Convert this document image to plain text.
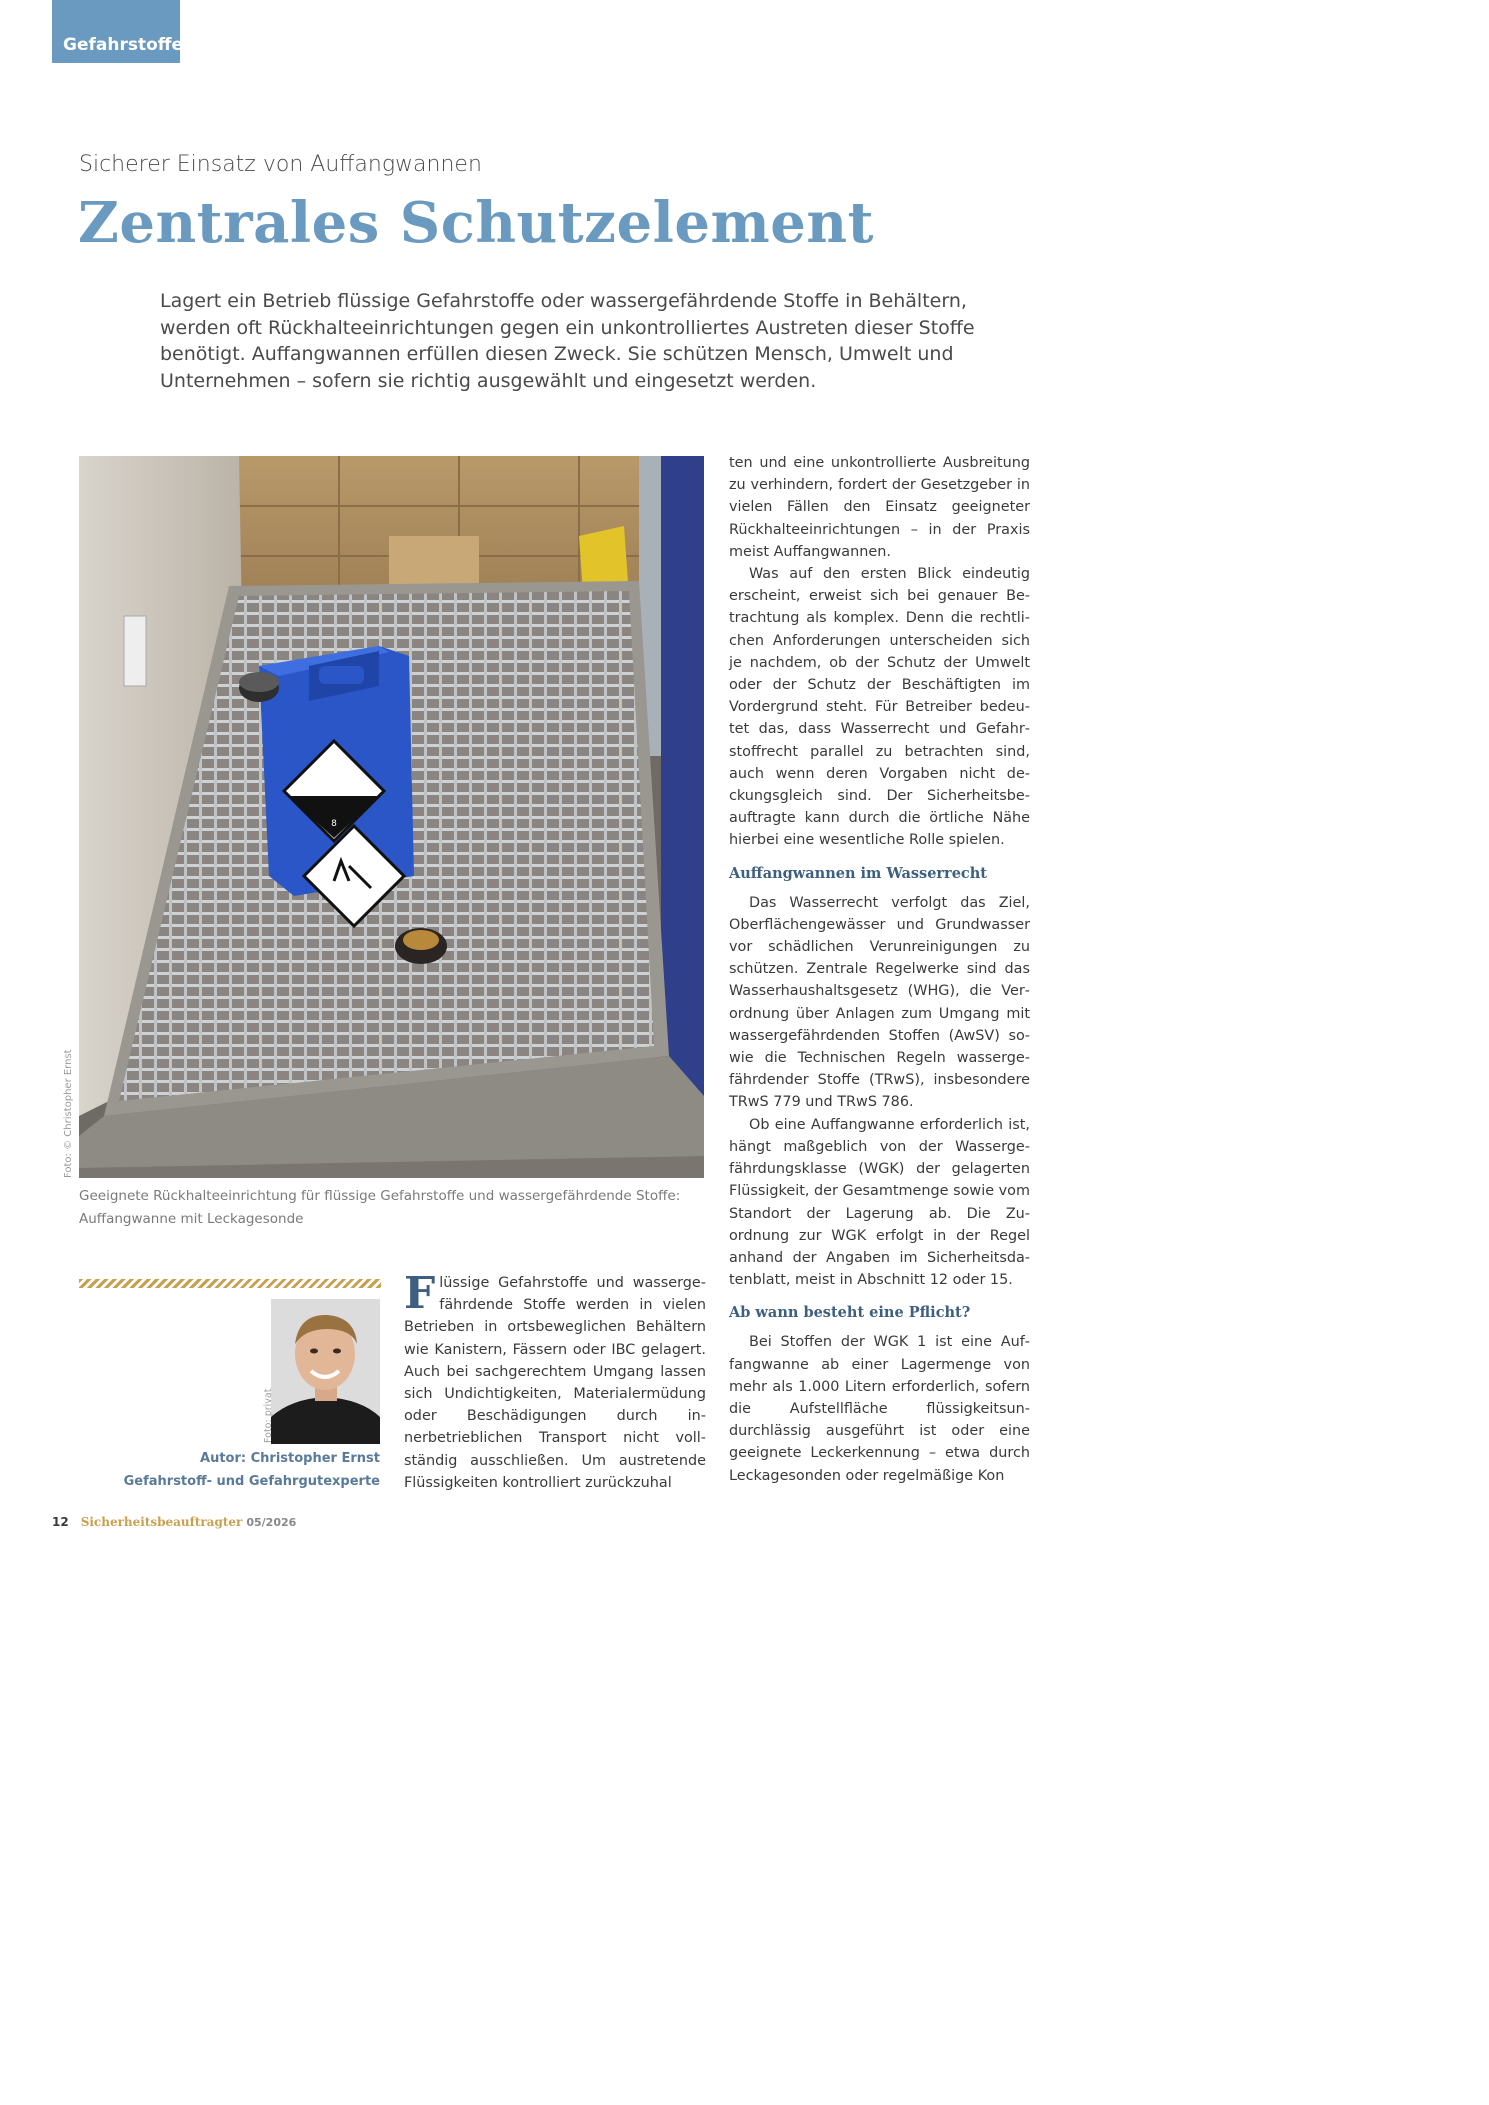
Gefahrstoffe
Sicherer Einsatz von Auffangwannen
Zentrales Schutzelement
Lagert ein Betrieb flüssige Gefahrstoffe oder wassergefährdende Stoffe in Behältern, werden oft Rückhalteeinrichtungen gegen ein unkontrolliertes Austreten dieser Stoffe benötigt. Auffangwannen erfüllen diesen Zweck. Sie schützen Mensch, Umwelt und Unternehmen – sofern sie richtig ausgewählt und eingesetzt werden.
8
Foto: © Christopher Ernst
Geeignete Rückhalteeinrichtung für flüssige Gefahrstoffe und wassergefährdende Stoffe: Auffangwanne mit Leckagesonde
Foto: privat
Autor: Christopher Ernst
Gefahrstoff- und Gefahrgutexperte

Flüssige Gefahrstoffe und wassergefährdende Stoffe werden in vielen Betrieben in ortsbeweglichen Behältern wie Kanistern, Fässern oder IBC gelagert. Auch bei sachgerechtem Umgang lassen sich Undichtigkeiten, Materialermüdung oder Beschädigungen durch innerbetrieblichen Transport nicht vollständig ausschließen. Um austretende Flüssigkeiten kontrolliert zurückzuhal

ten und eine unkontrollierte Ausbreitung zu verhindern, fordert der Gesetzgeber in vielen Fällen den Einsatz geeigneter Rückhalteeinrichtungen – in der Praxis meist Auffangwannen.

Was auf den ersten Blick eindeutig erscheint, erweist sich bei genauer Betrachtung als komplex. Denn die rechtlichen Anforderungen unterscheiden sich je nachdem, ob der Schutz der Umwelt oder der Schutz der Beschäftigten im Vordergrund steht. Für Betreiber bedeutet das, dass Wasserrecht und Gefahrstoffrecht parallel zu betrachten sind, auch wenn deren Vorgaben nicht deckungsgleich sind. Der Sicherheitsbeauftragte kann durch die örtliche Nähe hierbei eine wesentliche Rolle spielen.

Auffangwannen im Wasserrecht

Das Wasserrecht verfolgt das Ziel, Oberflächengewässer und Grundwasser vor schädlichen Verunreinigungen zu schützen. Zentrale Regelwerke sind das Wasserhaushaltsgesetz (WHG), die Verordnung über Anlagen zum Umgang mit wassergefährdenden Stoffen (AwSV) sowie die Technischen Regeln wassergefährdender Stoffe (TRwS), insbesondere TRwS 779 und TRwS 786.

Ob eine Auffangwanne erforderlich ist, hängt maßgeblich von der Wassergefährdungsklasse (WGK) der gelagerten Flüssigkeit, der Gesamtmenge sowie vom Standort der Lagerung ab. Die Zuordnung zur WGK erfolgt in der Regel anhand der Angaben im Sicherheitsdatenblatt, meist in Abschnitt 12 oder 15.

Ab wann besteht eine Pflicht?

Bei Stoffen der WGK 1 ist eine Auffangwanne ab einer Lagermenge von mehr als 1.000 Litern erforderlich, sofern die Aufstellfläche flüssigkeitsundurchlässig ausgeführt ist oder eine geeignete Leckerkennung – etwa durch Leckagesonden oder regelmäßige Kon

12 Sicherheitsbeauftragter 05/2026
